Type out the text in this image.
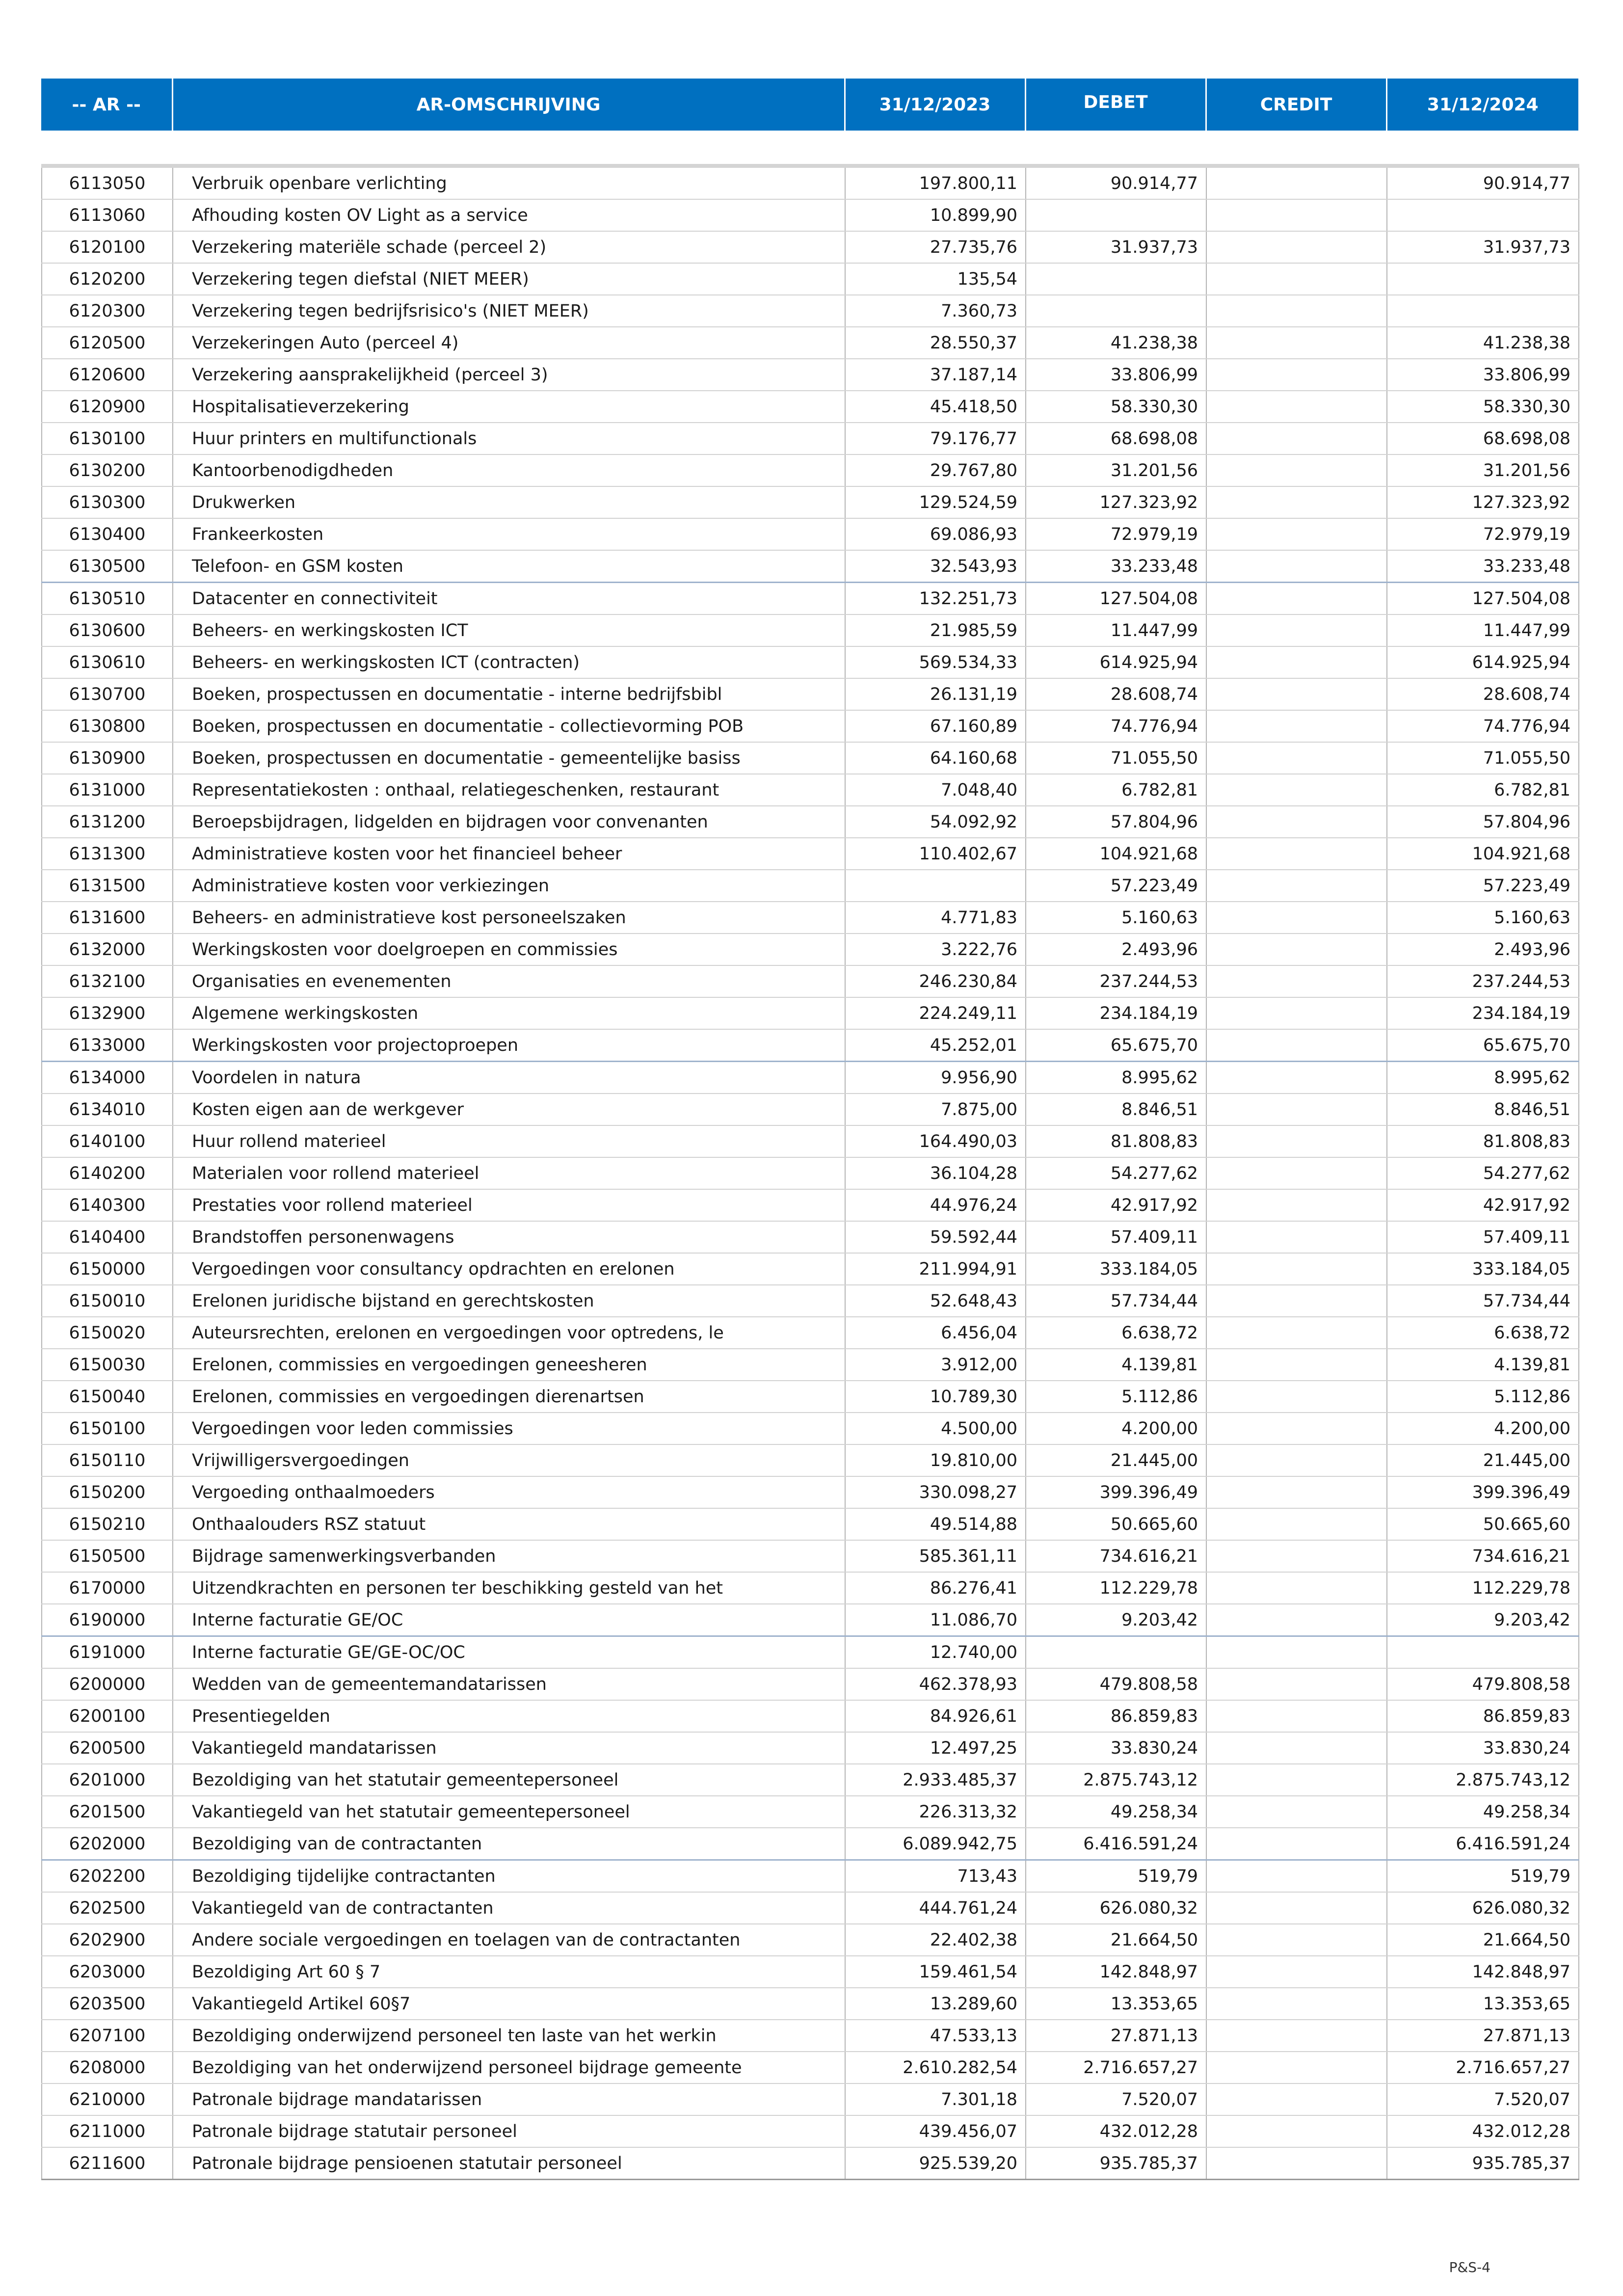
-- AR --	AR-OMSCHRIJVING	31/12/2023	DEBET	CREDIT	31/12/2024
6113050	Verbruik openbare verlichting	197.800,11	90.914,77		90.914,77
6113060	Afhouding kosten OV Light as a service	10.899,90			
6120100	Verzekering materiële schade (perceel 2)	27.735,76	31.937,73		31.937,73
6120200	Verzekering tegen diefstal (NIET MEER)	135,54			
6120300	Verzekering tegen bedrijfsrisico's (NIET MEER)	7.360,73			
6120500	Verzekeringen Auto (perceel 4)	28.550,37	41.238,38		41.238,38
6120600	Verzekering aansprakelijkheid (perceel 3)	37.187,14	33.806,99		33.806,99
6120900	Hospitalisatieverzekering	45.418,50	58.330,30		58.330,30
6130100	Huur printers en multifunctionals	79.176,77	68.698,08		68.698,08
6130200	Kantoorbenodigdheden	29.767,80	31.201,56		31.201,56
6130300	Drukwerken	129.524,59	127.323,92		127.323,92
6130400	Frankeerkosten	69.086,93	72.979,19		72.979,19
6130500	Telefoon- en GSM kosten	32.543,93	33.233,48		33.233,48
6130510	Datacenter en connectiviteit	132.251,73	127.504,08		127.504,08
6130600	Beheers- en werkingskosten ICT	21.985,59	11.447,99		11.447,99
6130610	Beheers- en werkingskosten ICT (contracten)	569.534,33	614.925,94		614.925,94
6130700	Boeken, prospectussen en documentatie - interne bedrijfsbibl	26.131,19	28.608,74		28.608,74
6130800	Boeken, prospectussen en documentatie - collectievorming POB	67.160,89	74.776,94		74.776,94
6130900	Boeken, prospectussen en documentatie - gemeentelijke basiss	64.160,68	71.055,50		71.055,50
6131000	Representatiekosten : onthaal, relatiegeschenken, restaurant	7.048,40	6.782,81		6.782,81
6131200	Beroepsbijdragen, lidgelden en bijdragen voor convenanten	54.092,92	57.804,96		57.804,96
6131300	Administratieve kosten voor het financieel beheer	110.402,67	104.921,68		104.921,68
6131500	Administratieve kosten voor verkiezingen		57.223,49		57.223,49
6131600	Beheers- en administratieve kost personeelszaken	4.771,83	5.160,63		5.160,63
6132000	Werkingskosten voor doelgroepen en commissies	3.222,76	2.493,96		2.493,96
6132100	Organisaties en evenementen	246.230,84	237.244,53		237.244,53
6132900	Algemene werkingskosten	224.249,11	234.184,19		234.184,19
6133000	Werkingskosten voor projectoproepen	45.252,01	65.675,70		65.675,70
6134000	Voordelen in natura	9.956,90	8.995,62		8.995,62
6134010	Kosten eigen aan de werkgever	7.875,00	8.846,51		8.846,51
6140100	Huur rollend materieel	164.490,03	81.808,83		81.808,83
6140200	Materialen voor rollend materieel	36.104,28	54.277,62		54.277,62
6140300	Prestaties voor rollend materieel	44.976,24	42.917,92		42.917,92
6140400	Brandstoffen personenwagens	59.592,44	57.409,11		57.409,11
6150000	Vergoedingen voor consultancy opdrachten en erelonen	211.994,91	333.184,05		333.184,05
6150010	Erelonen juridische bijstand en gerechtskosten	52.648,43	57.734,44		57.734,44
6150020	Auteursrechten, erelonen en vergoedingen voor optredens, le	6.456,04	6.638,72		6.638,72
6150030	Erelonen, commissies en vergoedingen geneesheren	3.912,00	4.139,81		4.139,81
6150040	Erelonen, commissies en vergoedingen dierenartsen	10.789,30	5.112,86		5.112,86
6150100	Vergoedingen voor leden commissies	4.500,00	4.200,00		4.200,00
6150110	Vrijwilligersvergoedingen	19.810,00	21.445,00		21.445,00
6150200	Vergoeding onthaalmoeders	330.098,27	399.396,49		399.396,49
6150210	Onthaalouders RSZ statuut	49.514,88	50.665,60		50.665,60
6150500	Bijdrage samenwerkingsverbanden	585.361,11	734.616,21		734.616,21
6170000	Uitzendkrachten en personen ter beschikking gesteld van het	86.276,41	112.229,78		112.229,78
6190000	Interne facturatie GE/OC	11.086,70	9.203,42		9.203,42
6191000	Interne facturatie GE/GE-OC/OC	12.740,00			
6200000	Wedden van de gemeentemandatarissen	462.378,93	479.808,58		479.808,58
6200100	Presentiegelden	84.926,61	86.859,83		86.859,83
6200500	Vakantiegeld mandatarissen	12.497,25	33.830,24		33.830,24
6201000	Bezoldiging van het statutair gemeentepersoneel	2.933.485,37	2.875.743,12		2.875.743,12
6201500	Vakantiegeld van het statutair gemeentepersoneel	226.313,32	49.258,34		49.258,34
6202000	Bezoldiging van de contractanten	6.089.942,75	6.416.591,24		6.416.591,24
6202200	Bezoldiging tijdelijke contractanten	713,43	519,79		519,79
6202500	Vakantiegeld van de contractanten	444.761,24	626.080,32		626.080,32
6202900	Andere sociale vergoedingen en toelagen van de contractanten	22.402,38	21.664,50		21.664,50
6203000	Bezoldiging Art 60 § 7	159.461,54	142.848,97		142.848,97
6203500	Vakantiegeld Artikel 60§7	13.289,60	13.353,65		13.353,65
6207100	Bezoldiging onderwijzend personeel ten laste van het werkin	47.533,13	27.871,13		27.871,13
6208000	Bezoldiging van het onderwijzend personeel bijdrage gemeente	2.610.282,54	2.716.657,27		2.716.657,27
6210000	Patronale bijdrage mandatarissen	7.301,18	7.520,07		7.520,07
6211000	Patronale bijdrage statutair personeel	439.456,07	432.012,28		432.012,28
6211600	Patronale bijdrage pensioenen statutair personeel	925.539,20	935.785,37		935.785,37
P&S-4
